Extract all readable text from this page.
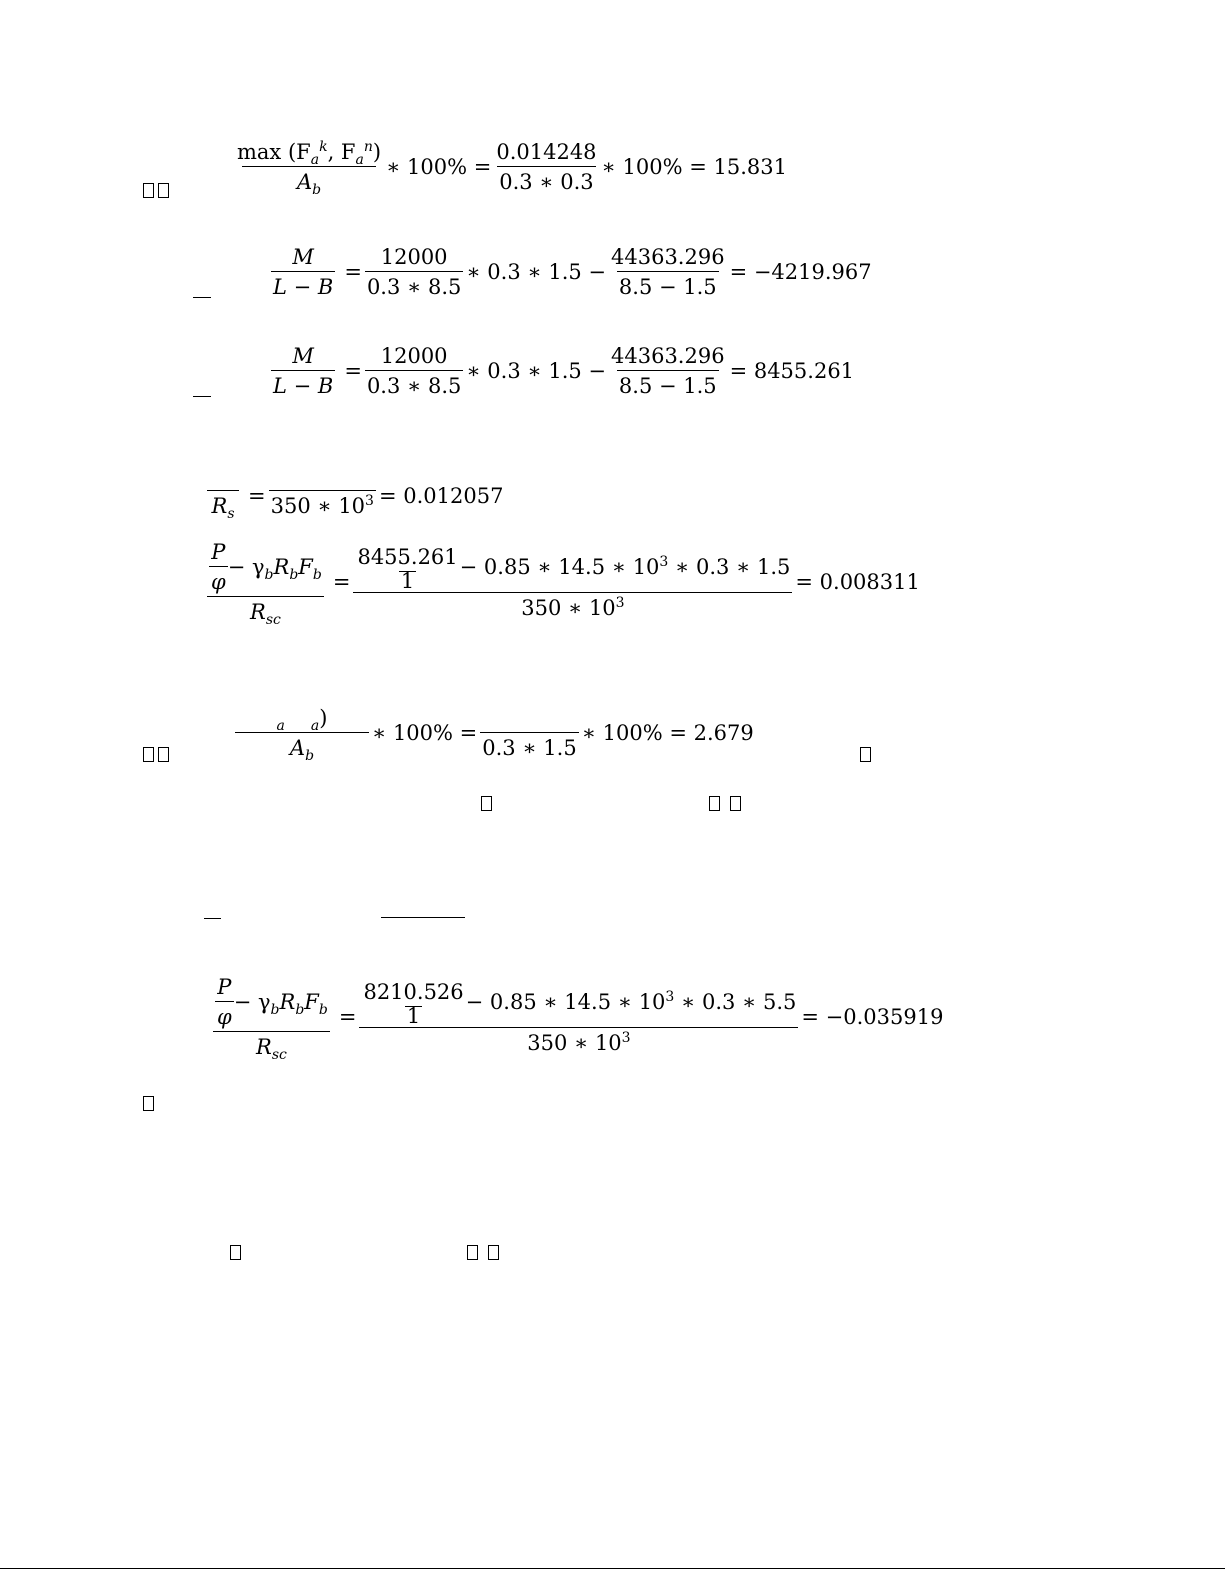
$\frac{\max (F_a^k, F_a^n)}{A_b}$ ∗ $100\% = \frac{0.014248}{0.3 ∗ 0.3}$ ∗ 100% = 15.831
$\frac{M}{L - B} = \frac{12000}{0.3 ∗ 8.5}$ ∗ 0.3 ∗ $1.5 - \frac{44363.296}{8.5 - 1.5} = -4219.967$
$\frac{M}{L - B} = \frac{12000}{0.3 ∗ 8.5}$ ∗ 0.3 ∗ $1.5 - \frac{44363.296}{8.5 - 1.5} = 8455.261$
$R_s$
= 350 ∗ $10^3 = 0.012057$
$\frac{\frac{P}{\varphi} - \gamma_bR_bF_b}{R_{sc}} = \frac{\frac{8455.261}{1} - 0.85 ∗ 14.5 ∗ 10^3 ∗ 0.3 ∗ 1.5}{350 ∗ 10^3} = 0.008311$
$\frac{_a _a)}{A_b}$ ∗ 100% =
0.3 ∗ 1.5
∗ 100% = 2.679
$\frac{\frac{P}{\varphi} - \gamma_bR_bF_b}{R_{sc}} = \frac{\frac{8210.526}{1} - 0.85 ∗ 14.5 ∗ 10^3 ∗ 0.3 ∗ 5.5}{350 ∗ 10^3} = -0.035919$
